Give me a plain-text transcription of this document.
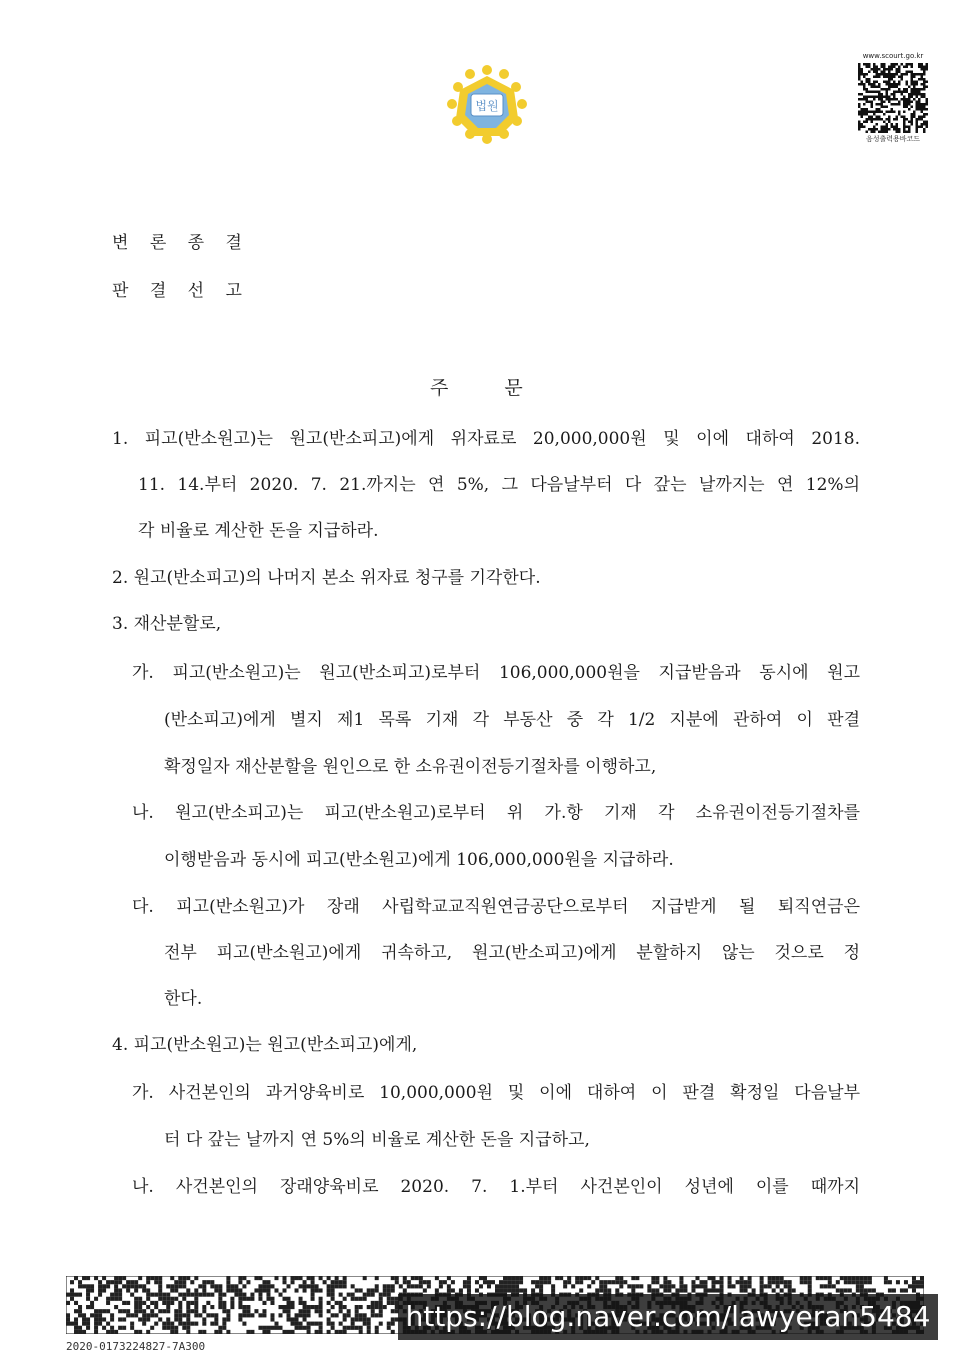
법원
www.scourt.go.kr
음성출력용바코드
변 론 종 결
판 결 선 고
주 문
1. 피고(반소원고)는 원고(반소피고)에게 위자료로 20,000,000원 및 이에 대하여 2018.
11. 14.부터 2020. 7. 21.까지는 연 5%, 그 다음날부터 다 갚는 날까지는 연 12%의
각 비율로 계산한 돈을 지급하라.
2. 원고(반소피고)의 나머지 본소 위자료 청구를 기각한다.
3. 재산분할로,
가. 피고(반소원고)는 원고(반소피고)로부터 106,000,000원을 지급받음과 동시에 원고
(반소피고)에게 별지 제1 목록 기재 각 부동산 중 각 1/2 지분에 관하여 이 판결
확정일자 재산분할을 원인으로 한 소유권이전등기절차를 이행하고,
나. 원고(반소피고)는 피고(반소원고)로부터 위 가.항 기재 각 소유권이전등기절차를
이행받음과 동시에 피고(반소원고)에게 106,000,000원을 지급하라.
다. 피고(반소원고)가 장래 사립학교교직원연금공단으로부터 지급받게 될 퇴직연금은
전부 피고(반소원고)에게 귀속하고, 원고(반소피고)에게 분할하지 않는 것으로 정
한다.
4. 피고(반소원고)는 원고(반소피고)에게,
가. 사건본인의 과거양육비로 10,000,000원 및 이에 대하여 이 판결 확정일 다음날부
터 다 갚는 날까지 연 5%의 비율로 계산한 돈을 지급하고,
나. 사건본인의 장래양육비로 2020. 7. 1.부터 사건본인이 성년에 이를 때까지
https://blog.naver.com/lawyeran5484
2020-0173224827-7A300
